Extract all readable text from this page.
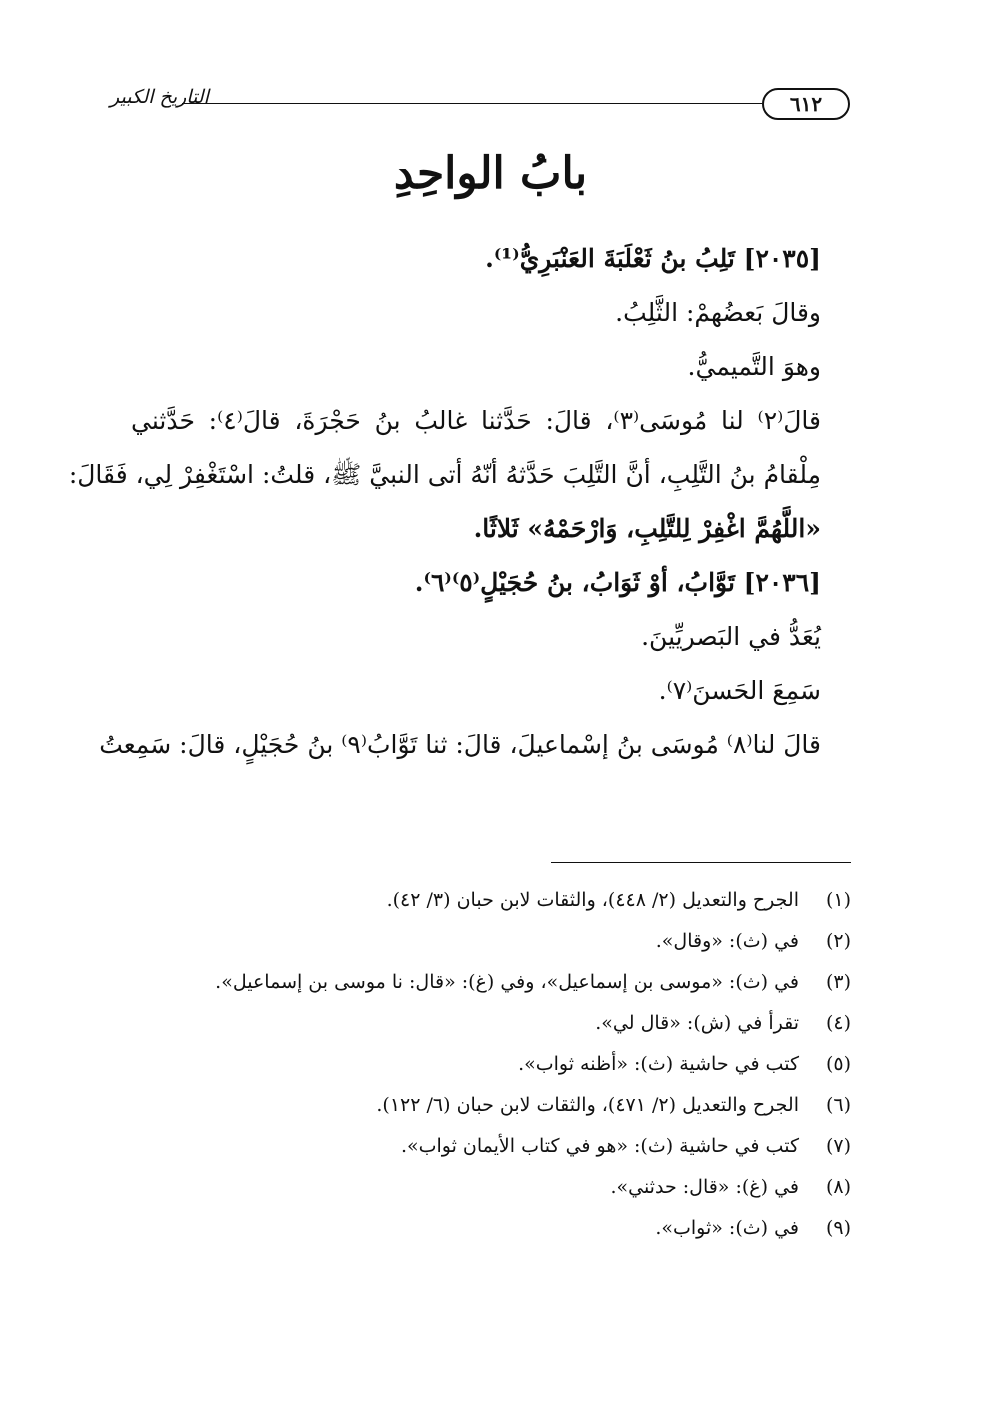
٦١٢
التاريخ الكبير
بابُ الواحِدِ
[٢٠٣٥] تَلِبُ بنُ ثَعْلَبَةَ العَنْبَرِيُّ⁽¹⁾.
وقالَ بَعضُهمْ: الثَّلِبُ.
وهوَ التَّميميُّ.
قالَ⁽٢⁾ لنا مُوسَى⁽٣⁾، قالَ: حَدَّثنا غالبُ بنُ حَجْرَةَ، قالَ⁽٤⁾: حَدَّثني
مِلْقامُ بنُ التَّلِبِ، أنَّ التَّلِبَ حَدَّثهُ أنّهُ أتى النبيَّ ﷺ، قلتُ: اسْتَغْفِرْ لِي، فَقَالَ:
«اللَّهُمَّ اغْفِرْ لِلتَّلِبِ، وَارْحَمْهُ» ثَلاثًا.
[٢٠٣٦] تَوَّابُ، أوْ ثَوَابُ، بنُ حُجَيْلٍ⁽٥⁾⁽٦⁾.
يُعَدُّ في البَصريِّينَ.
سَمِعَ الحَسنَ⁽٧⁾.
قالَ لنا⁽٨⁾ مُوسَى بنُ إسْماعيلَ، قالَ: ثنا تَوَّابُ⁽٩⁾ بنُ حُجَيْلٍ، قالَ: سَمِعتُ
(١)
الجرح والتعديل (٢/ ٤٤٨)، والثقات لابن حبان (٣/ ٤٢).
(٢)
في (ث): «وقال».
(٣)
في (ث): «موسى بن إسماعيل»، وفي (غ): «قال: نا موسى بن إسماعيل».
(٤)
تقرأ في (ش): «قال لي».
(٥)
كتب في حاشية (ث): «أظنه ثواب».
(٦)
الجرح والتعديل (٢/ ٤٧١)، والثقات لابن حبان (٦/ ١٢٢).
(٧)
كتب في حاشية (ث): «هو في كتاب الأيمان ثواب».
(٨)
في (غ): «قال: حدثني».
(٩)
في (ث): «ثواب».
